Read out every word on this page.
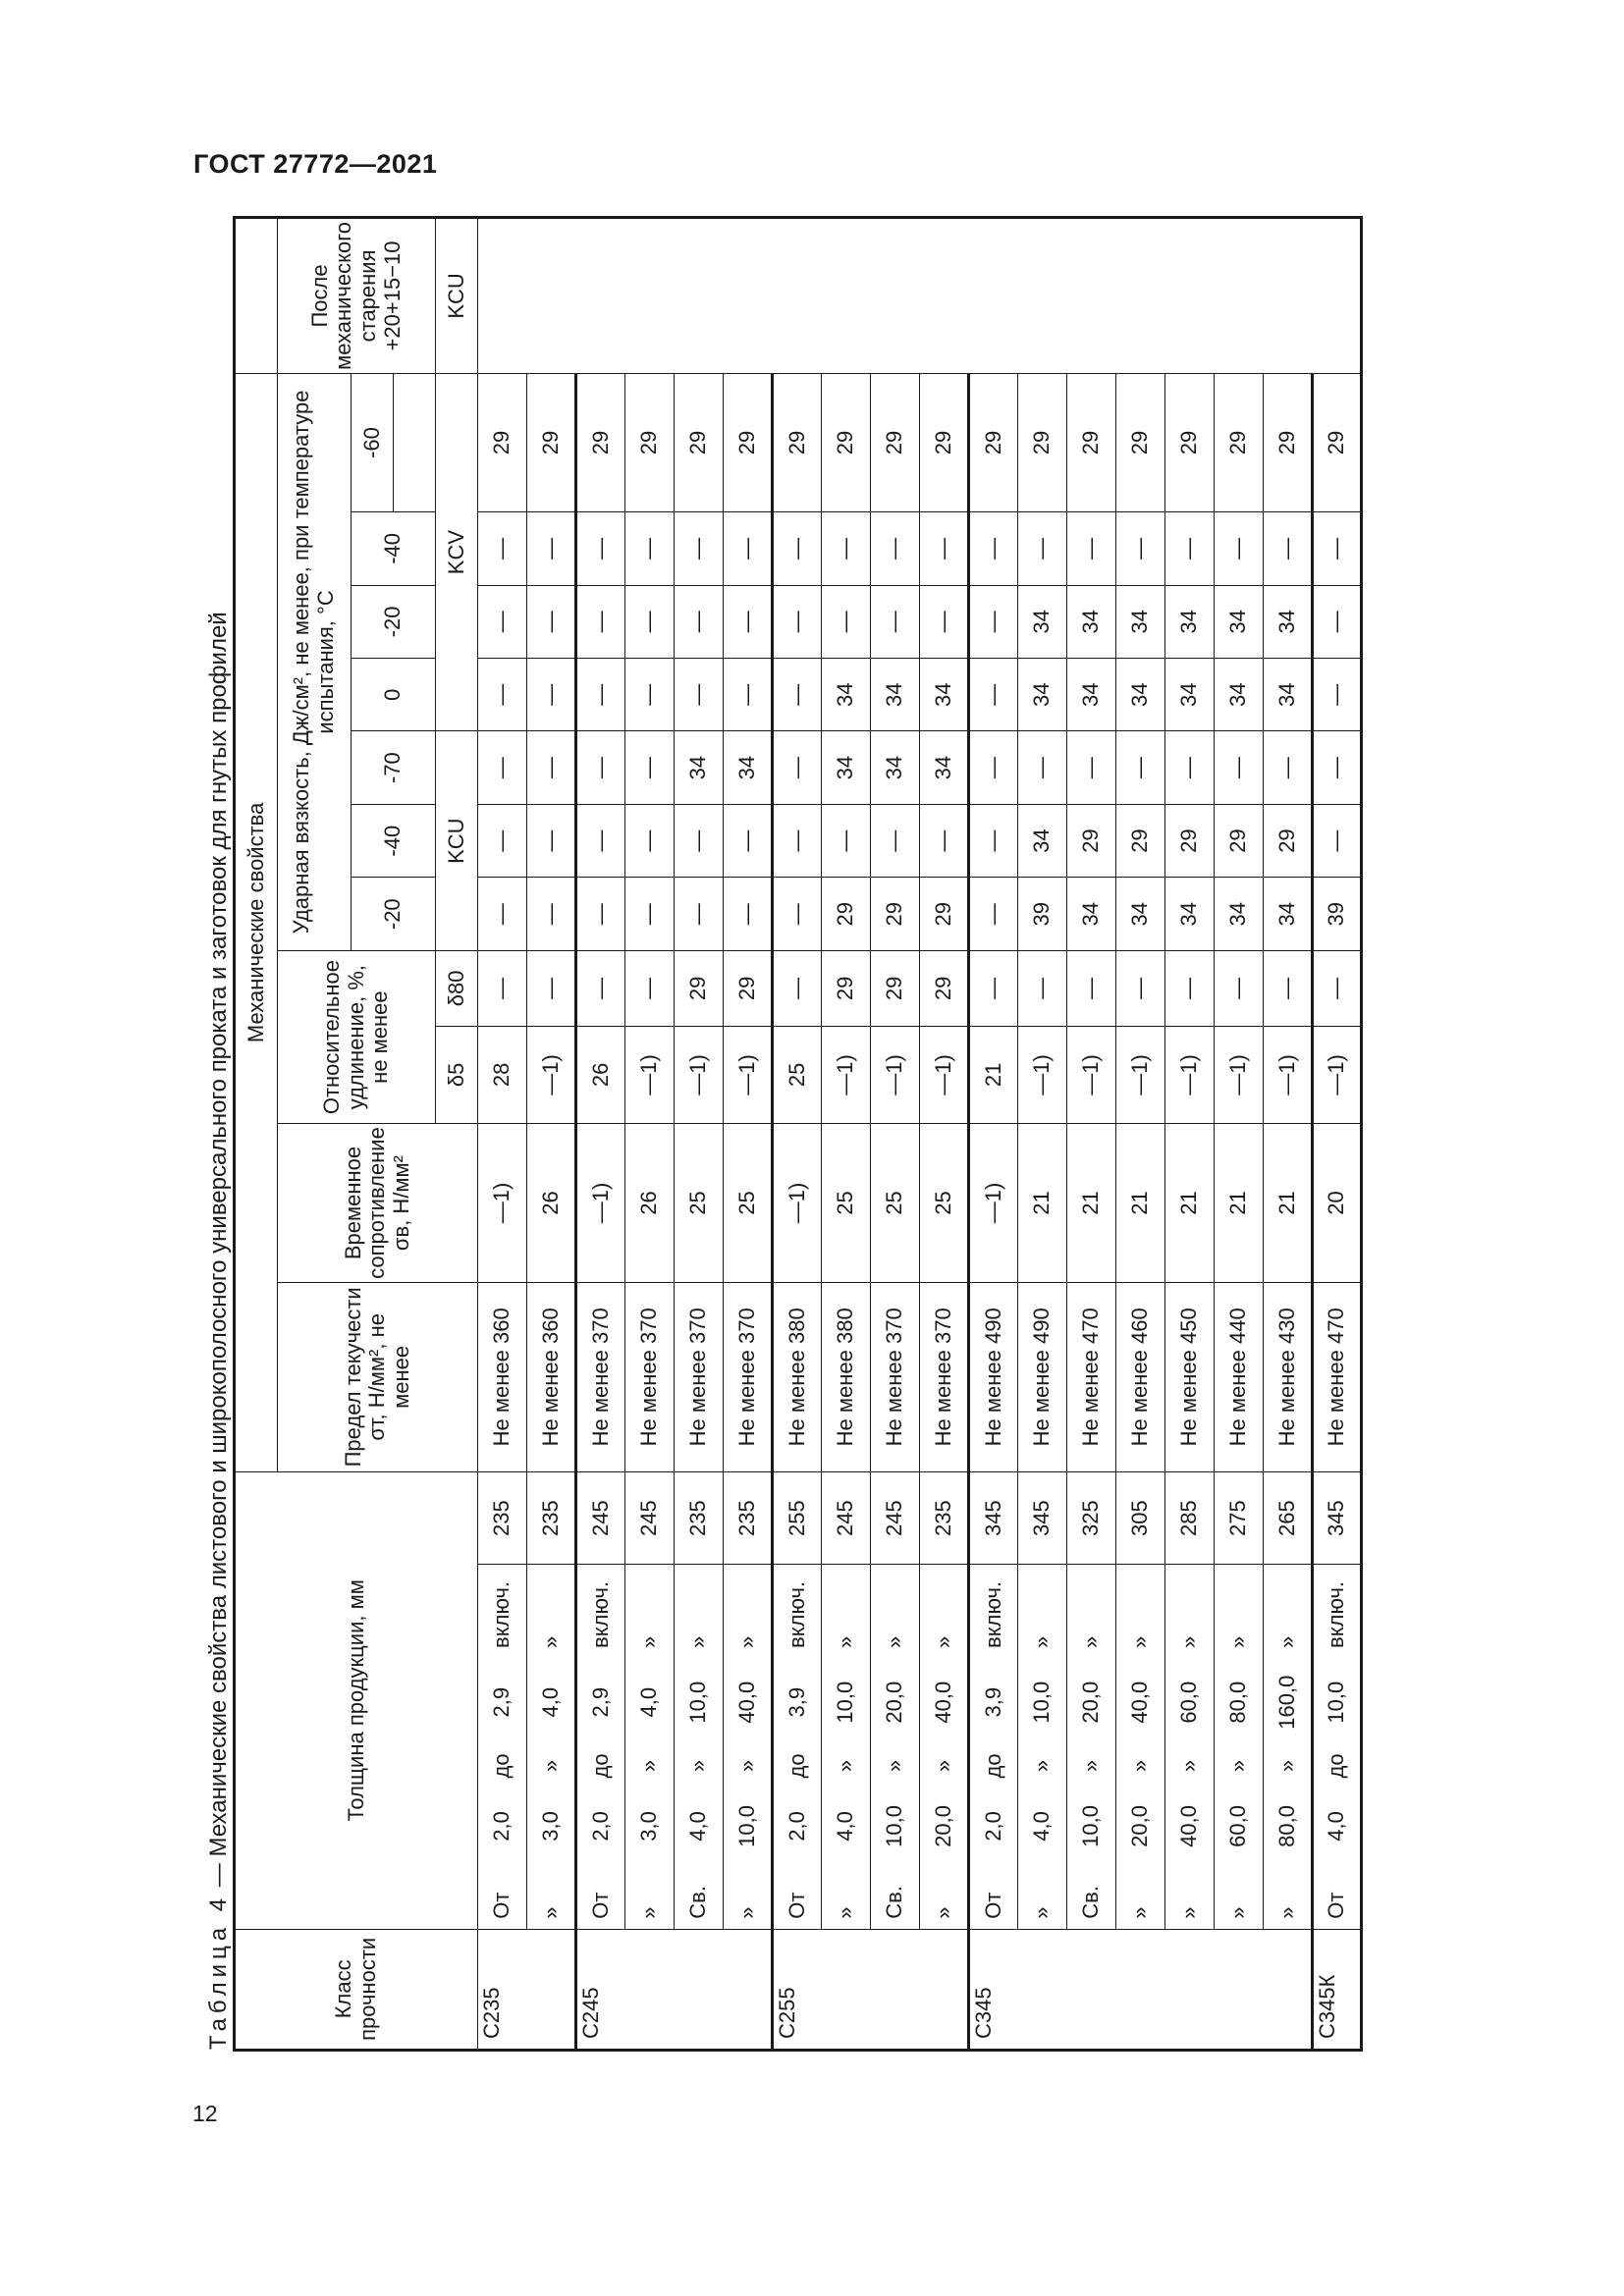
ГОСТ 27772—2021
12
Таблица 4 — Механические свойства листового и широкополосного универсального проката и заготовок для гнутых профилей
Класс прочности	Толщина продукции, мм						Механические свойства											
							Предел текучести σт, Н/мм², не менее	Временное сопротивление σв, Н/мм²	Относительное удлинение, %, не менее		Ударная вязкость, Дж/см², не менее, при температуре испытания, °С							После механического старения +20+15−10
											-20	-40	-70	0	-20	-40	-60	

									δ5	δ80	KCU			KCV				KCU
С235	От	2,0	до	2,9	включ.	235	Не менее 360	—1)	28	—	—	—	—	—	—	—	29	
	»	3,0	»	4,0	»	235	Не менее 360	26	—1)	—	—	—	—	—	—	—	29	
С245	От	2,0	до	2,9	включ.	245	Не менее 370	—1)	26	—	—	—	—	—	—	—	29	
	»	3,0	»	4,0	»	245	Не менее 370	26	—1)	—	—	—	—	—	—	—	29	
	Св.	4,0	»	10,0	»	235	Не менее 370	25	—1)	29	—	—	34	—	—	—	29	
	»	10,0	»	40,0	»	235	Не менее 370	25	—1)	29	—	—	34	—	—	—	29	
С255	От	2,0	до	3,9	включ.	255	Не менее 380	—1)	25	—	—	—	—	—	—	—	29	
	»	4,0	»	10,0	»	245	Не менее 380	25	—1)	29	29	—	34	34	—	—	29	
	Св.	10,0	»	20,0	»	245	Не менее 370	25	—1)	29	29	—	34	34	—	—	29	
	»	20,0	»	40,0	»	235	Не менее 370	25	—1)	29	29	—	34	34	—	—	29	
С345	От	2,0	до	3,9	включ.	345	Не менее 490	—1)	21	—	—	—	—	—	—	—	29	
	»	4,0	»	10,0	»	345	Не менее 490	21	—1)	—	39	34	—	34	34	—	29	
	Св.	10,0	»	20,0	»	325	Не менее 470	21	—1)	—	34	29	—	34	34	—	29	
	»	20,0	»	40,0	»	305	Не менее 460	21	—1)	—	34	29	—	34	34	—	29	
	»	40,0	»	60,0	»	285	Не менее 450	21	—1)	—	34	29	—	34	34	—	29	
	»	60,0	»	80,0	»	275	Не менее 440	21	—1)	—	34	29	—	34	34	—	29	
	»	80,0	»	160,0	»	265	Не менее 430	21	—1)	—	34	29	—	34	34	—	29	
С345К	От	4,0	до	10,0	включ.	345	Не менее 470	20	—1)	—	39	—	—	—	—	—	29	
